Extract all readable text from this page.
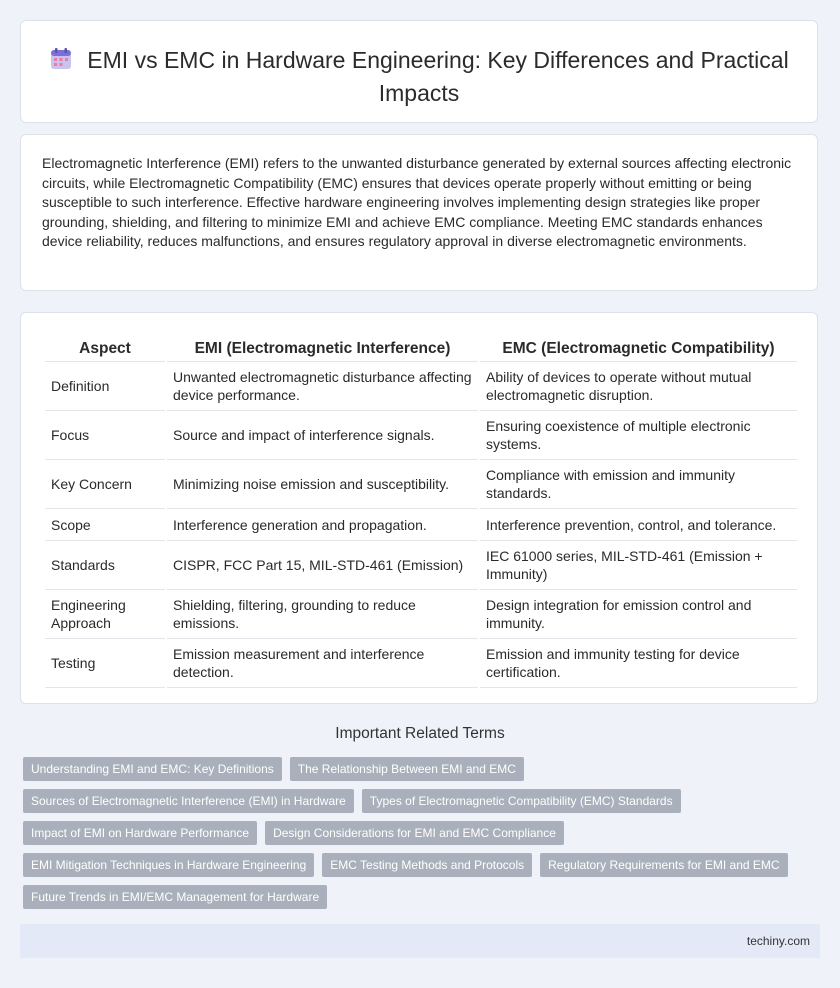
EMI vs EMC in Hardware Engineering: Key Differences and Practical Impacts
Electromagnetic Interference (EMI) refers to the unwanted disturbance generated by external sources affecting electronic circuits, while Electromagnetic Compatibility (EMC) ensures that devices operate properly without emitting or being susceptible to such interference. Effective hardware engineering involves implementing design strategies like proper grounding, shielding, and filtering to minimize EMI and achieve EMC compliance. Meeting EMC standards enhances device reliability, reduces malfunctions, and ensures regulatory approval in diverse electromagnetic environments.
Aspect	EMI (Electromagnetic Interference)	EMC (Electromagnetic Compatibility)
Definition	Unwanted electromagnetic disturbance affecting device performance.	Ability of devices to operate without mutual electromagnetic disruption.
Focus	Source and impact of interference signals.	Ensuring coexistence of multiple electronic systems.
Key Concern	Minimizing noise emission and susceptibility.	Compliance with emission and immunity standards.
Scope	Interference generation and propagation.	Interference prevention, control, and tolerance.
Standards	CISPR, FCC Part 15, MIL-STD-461 (Emission)	IEC 61000 series, MIL-STD-461 (Emission + Immunity)
Engineering Approach	Shielding, filtering, grounding to reduce emissions.	Design integration for emission control and immunity.
Testing	Emission measurement and interference detection.	Emission and immunity testing for device certification.
Important Related Terms
Understanding EMI and EMC: Key Definitions	The Relationship Between EMI and EMC
Sources of Electromagnetic Interference (EMI) in Hardware	Types of Electromagnetic Compatibility (EMC) Standards
Impact of EMI on Hardware Performance	Design Considerations for EMI and EMC Compliance
EMI Mitigation Techniques in Hardware Engineering	EMC Testing Methods and Protocols	Regulatory Requirements for EMI and EMC
Future Trends in EMI/EMC Management for Hardware
techiny.com
